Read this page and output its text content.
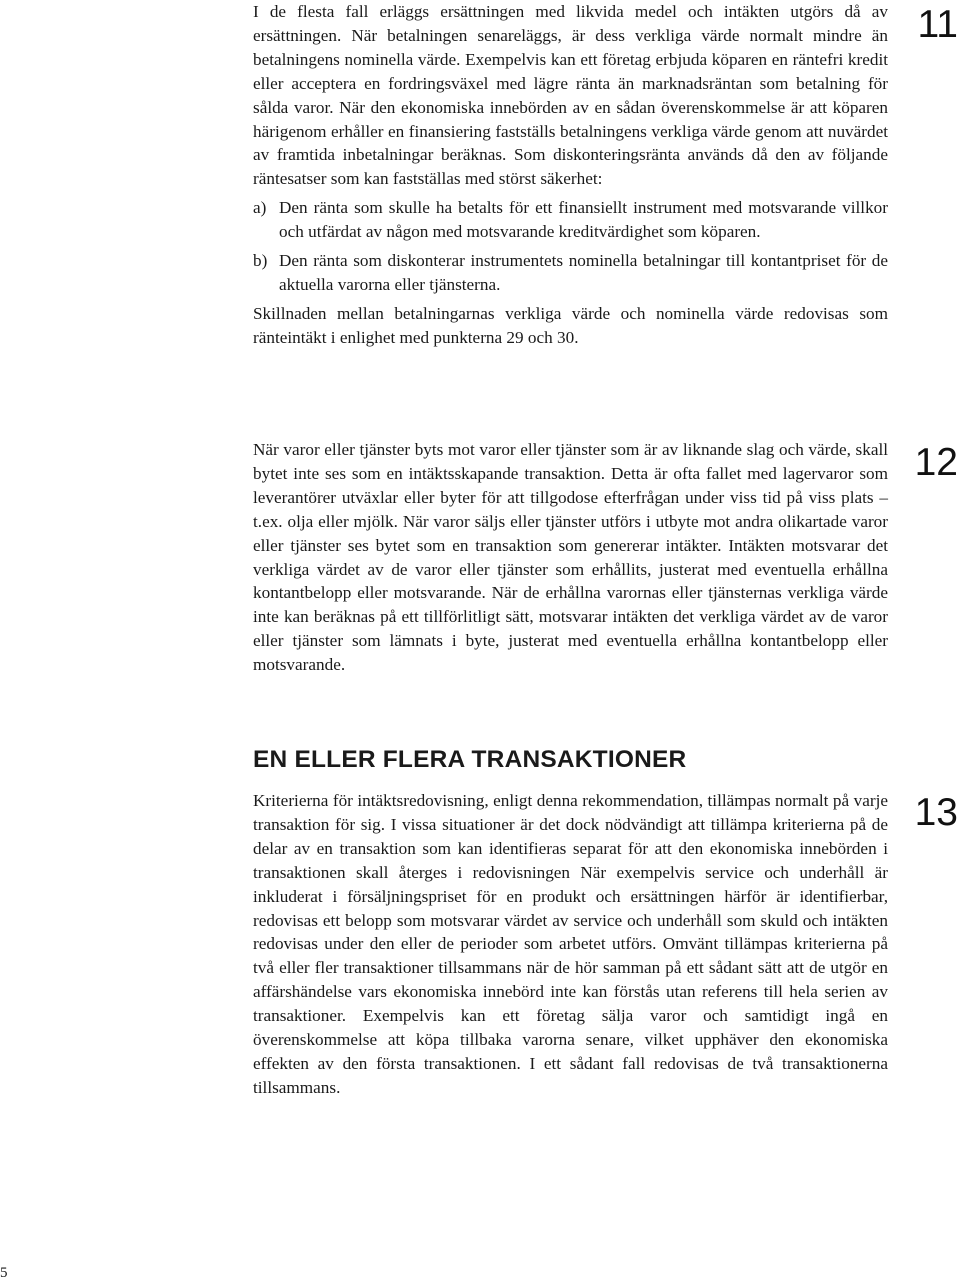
11

I de flesta fall erläggs ersättningen med likvida medel och intäkten utgörs då av ersättningen. När betalningen senareläggs, är dess verkliga värde normalt mindre än betalningens nominella värde. Exempelvis kan ett företag erbjuda köparen en räntefri kredit eller acceptera en fordringsväxel med lägre ränta än marknadsräntan som betalning för sålda varor. När den ekonomiska innebörden av en sådan överenskommelse är att köparen härigenom erhåller en finansiering fastställs betalningens verkliga värde genom att nuvärdet av framtida inbetalningar beräknas. Som diskonteringsränta används då den av följande räntesatser som kan fastställas med störst säkerhet:

a) Den ränta som skulle ha betalts för ett finansiellt instrument med motsvarande villkor och utfärdat av någon med motsvarande kreditvärdighet som köparen.

b) Den ränta som diskonterar instrumentets nominella betalningar till kontantpriset för de aktuella varorna eller tjänsterna.

Skillnaden mellan betalningarnas verkliga värde och nominella värde redovisas som ränteintäkt i enlighet med punkterna 29 och 30.

12

När varor eller tjänster byts mot varor eller tjänster som är av liknande slag och värde, skall bytet inte ses som en intäktsskapande transaktion. Detta är ofta fallet med lagervaror som leverantörer utväxlar eller byter för att tillgodose efterfrågan under viss tid på viss plats – t.ex. olja eller mjölk. När varor säljs eller tjänster utförs i utbyte mot andra olikartade varor eller tjänster ses bytet som en transaktion som genererar intäkter. Intäkten motsvarar det verkliga värdet av de varor eller tjänster som erhållits, justerat med eventuella erhållna kontantbelopp eller motsvarande. När de erhållna varornas eller tjänsternas verkliga värde inte kan beräknas på ett tillförlitligt sätt, motsvarar intäkten det verkliga värdet av de varor eller tjänster som lämnats i byte, justerat med eventuella erhållna kontantbelopp eller motsvarande.

EN ELLER FLERA TRANSAKTIONER
13

Kriterierna för intäktsredovisning, enligt denna rekommendation, tillämpas normalt på varje transaktion för sig. I vissa situationer är det dock nödvändigt att tillämpa kriterierna på de delar av en transaktion som kan identifieras separat för att den ekonomiska innebörden i transaktionen skall återges i redovisningen När exempelvis service och underhåll är inkluderat i försäljningspriset för en produkt och ersättningen härför är identifierbar, redovisas ett belopp som motsvarar värdet av service och underhåll som skuld och intäkten redovisas under den eller de perioder som arbetet utförs. Omvänt tillämpas kriterierna på två eller fler transaktioner tillsammans när de hör samman på ett sådant sätt att de utgör en affärshändelse vars ekonomiska innebörd inte kan förstås utan referens till hela serien av transaktioner. Exempelvis kan ett företag sälja varor och samtidigt ingå en överenskommelse att köpa tillbaka varorna senare, vilket upphäver den ekonomiska effekten av den första transaktionen. I ett sådant fall redovisas de två transaktionerna tillsammans.

5
